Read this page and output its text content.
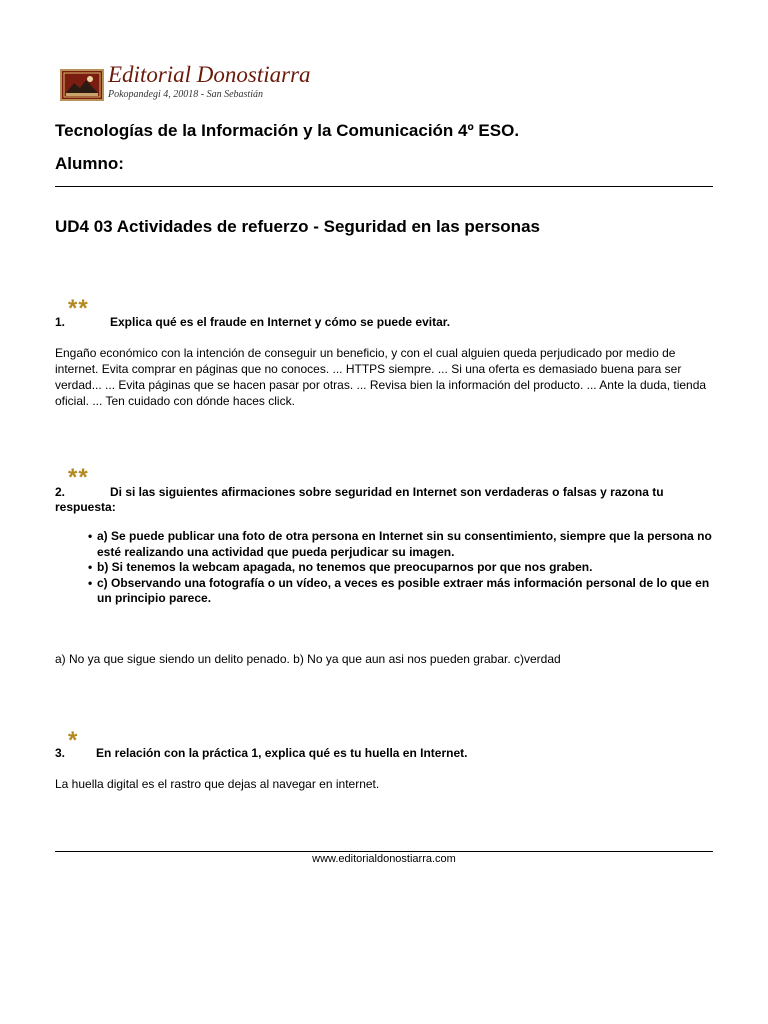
Editorial Donostiarra
Pokopandegi 4, 20018 - San Sebastián
Tecnologías de la Información y la Comunicación 4º ESO.
Alumno:
UD4 03 Actividades de refuerzo - Seguridad en las personas
**
1.	Explica qué es el fraude en Internet y cómo se puede evitar.
Engaño económico con la intención de conseguir un beneficio, y con el cual alguien queda perjudicado por medio de internet. Evita comprar en páginas que no conoces. ... HTTPS siempre. ... Si una oferta es demasiado buena para ser verdad... ... Evita páginas que se hacen pasar por otras. ... Revisa bien la información del producto. ... Ante la duda, tienda oficial. ... Ten cuidado con dónde haces click.
**
2.	Di si las siguientes afirmaciones sobre seguridad en Internet son verdaderas o falsas y razona tu respuesta:
• a) Se puede publicar una foto de otra persona en Internet sin su consentimiento, siempre que la persona no esté realizando una actividad que pueda perjudicar su imagen.
• b) Si tenemos la webcam apagada, no tenemos que preocuparnos por que nos graben.
• c) Observando una fotografía o un vídeo, a veces es posible extraer más información personal de lo que en un principio parece.
a) No ya que sigue siendo un delito penado. b) No ya que aun asi nos pueden grabar. c)verdad
*
3.	En relación con la práctica 1, explica qué es tu huella en Internet.
La huella digital es el rastro que dejas al navegar en internet.
www.editorialdonostiarra.com
